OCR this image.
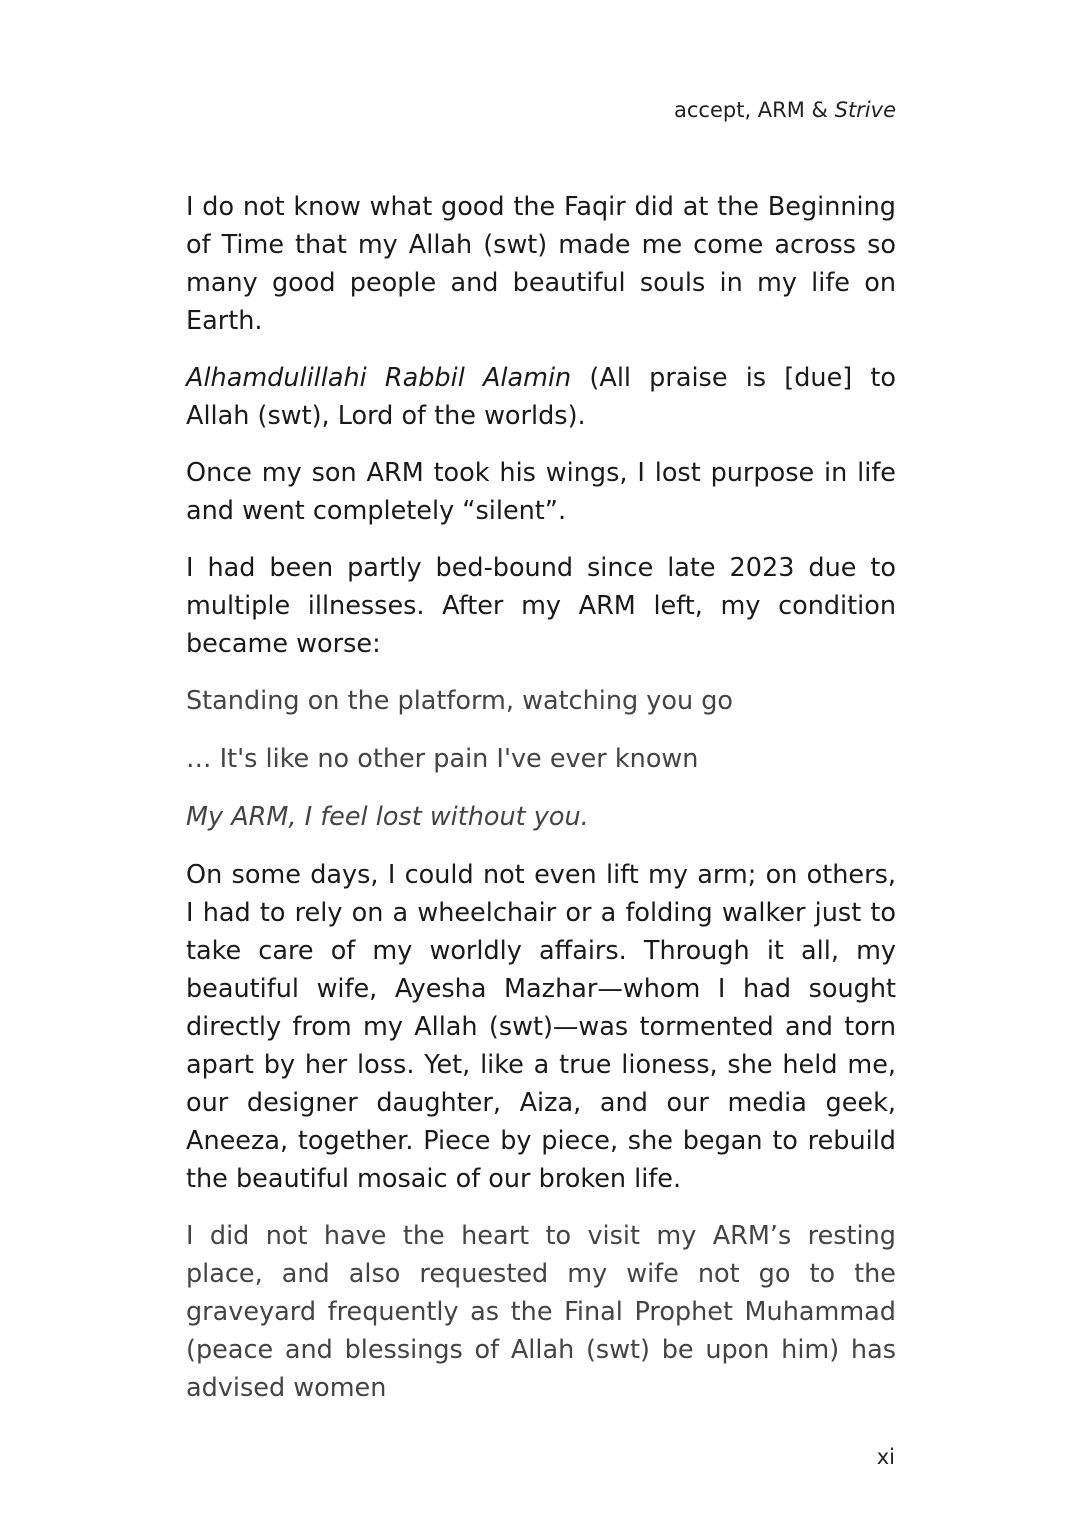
accept, ARM & Strive

I do not know what good the Faqir did at the Beginning of Time that my Allah (swt) made me come across so many good people and beautiful souls in my life on Earth.

Alhamdulillahi Rabbil Alamin (All praise is [due] to Allah (swt), Lord of the worlds).

Once my son ARM took his wings, I lost purpose in life and went completely “silent”.

I had been partly bed-bound since late 2023 due to multiple illnesses. After my ARM left, my condition became worse:

Standing on the platform, watching you go

… It's like no other pain I've ever known

My ARM, I feel lost without you.

On some days, I could not even lift my arm; on others, I had to rely on a wheelchair or a folding walker just to take care of my worldly affairs. Through it all, my beautiful wife, Ayesha Mazhar—whom I had sought directly from my Allah (swt)—was tormented and torn apart by her loss. Yet, like a true lioness, she held me, our designer daughter, Aiza, and our media geek, Aneeza, together. Piece by piece, she began to rebuild the beautiful mosaic of our broken life.

I did not have the heart to visit my ARM’s resting place, and also requested my wife not go to the graveyard frequently as the Final Prophet Muhammad (peace and blessings of Allah (swt) be upon him) has advised women

xi
